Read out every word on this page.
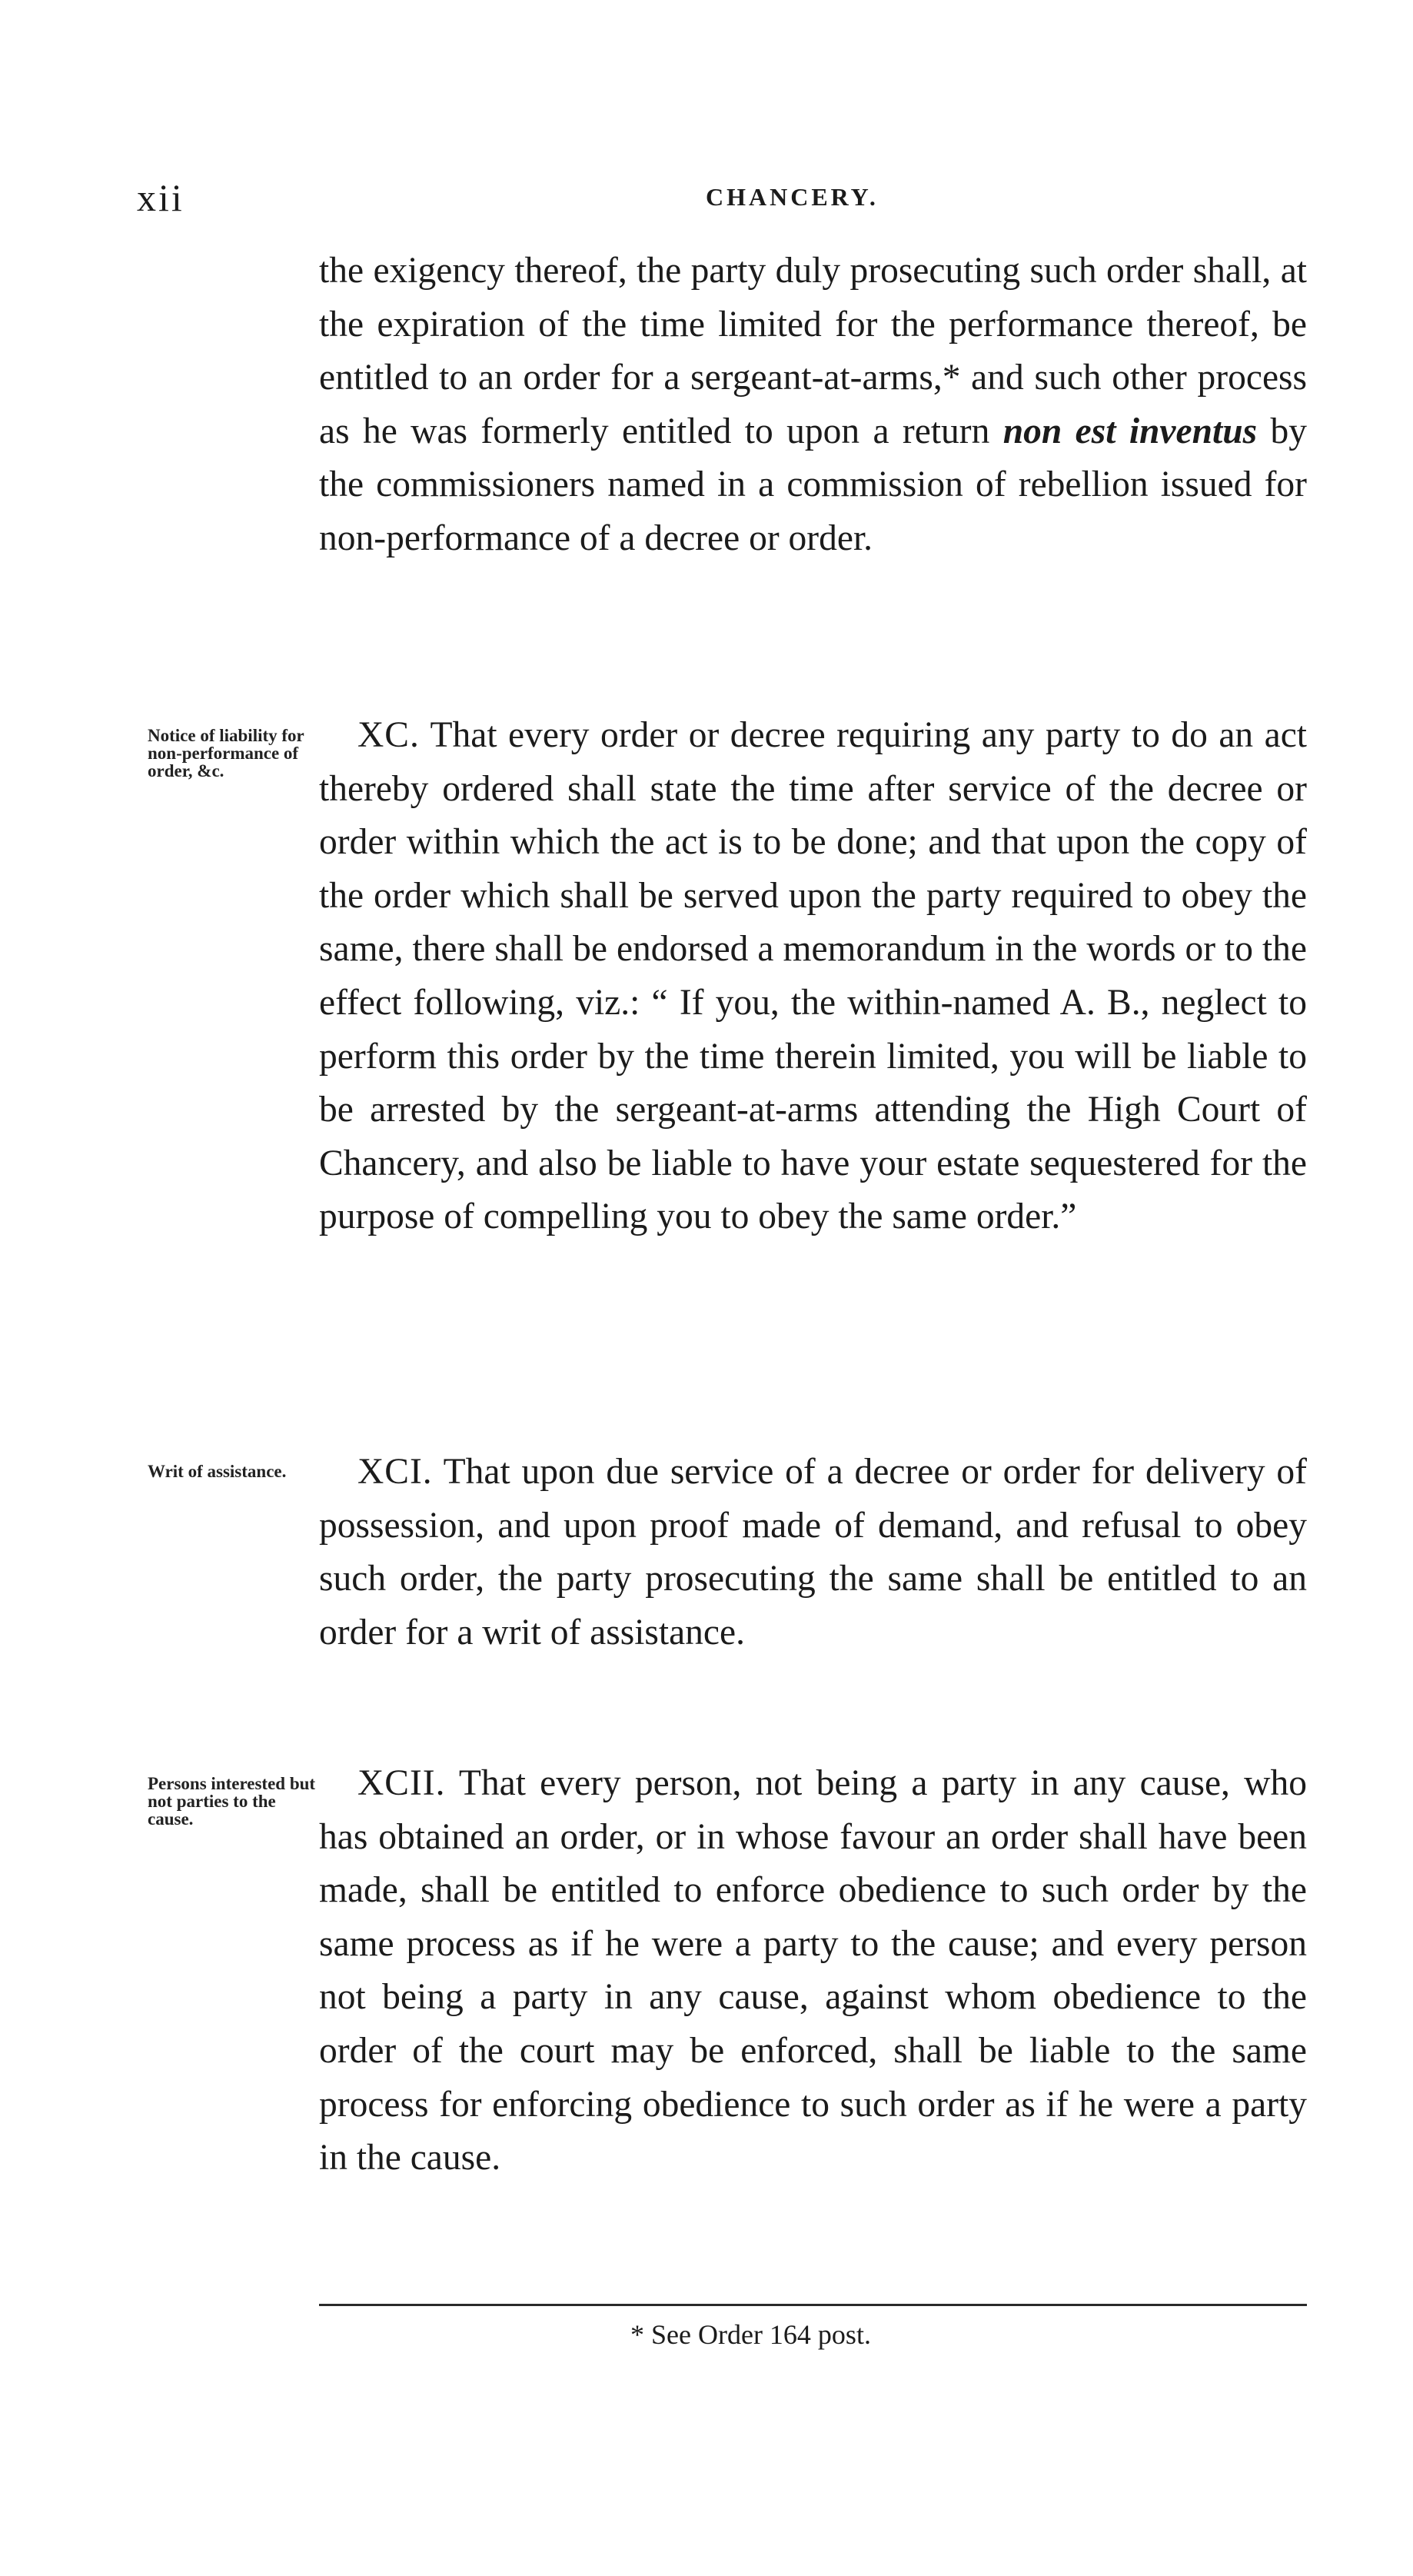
xii	CHANCERY.

the exigency thereof, the party duly prosecuting such order shall, at the expiration of the time limited for the performance thereof, be entitled to an order for a sergeant-at-arms,* and such other process as he was formerly entitled to upon a return non est inventus by the commissioners named in a commission of rebellion issued for non-performance of a decree or order.

Notice of liability for non-performance of order, &c.

XC. That every order or decree requiring any party to do an act thereby ordered shall state the time after service of the decree or order within which the act is to be done; and that upon the copy of the order which shall be served upon the party required to obey the same, there shall be endorsed a memorandum in the words or to the effect following, viz.: “ If you, the within-named A. B., neglect to perform this order by the time therein limited, you will be liable to be arrested by the sergeant-at-arms attending the High Court of Chancery, and also be liable to have your estate sequestered for the purpose of compelling you to obey the same order.”

Writ of assistance.	XCI. That upon due service of a decree or order for delivery of possession, and upon proof made of demand, and refusal to obey such order, the party prosecuting the same shall be entitled to an order for a writ of assistance.

Persons interested but not parties to the cause.

XCII. That every person, not being a party in any cause, who has obtained an order, or in whose favour an order shall have been made, shall be entitled to enforce obedience to such order by the same process as if he were a party to the cause; and every person not being a party in any cause, against whom obedience to the order of the court may be enforced, shall be liable to the same process for enforcing obedience to such order as if he were a party in the cause.

* See Order 164 post.
